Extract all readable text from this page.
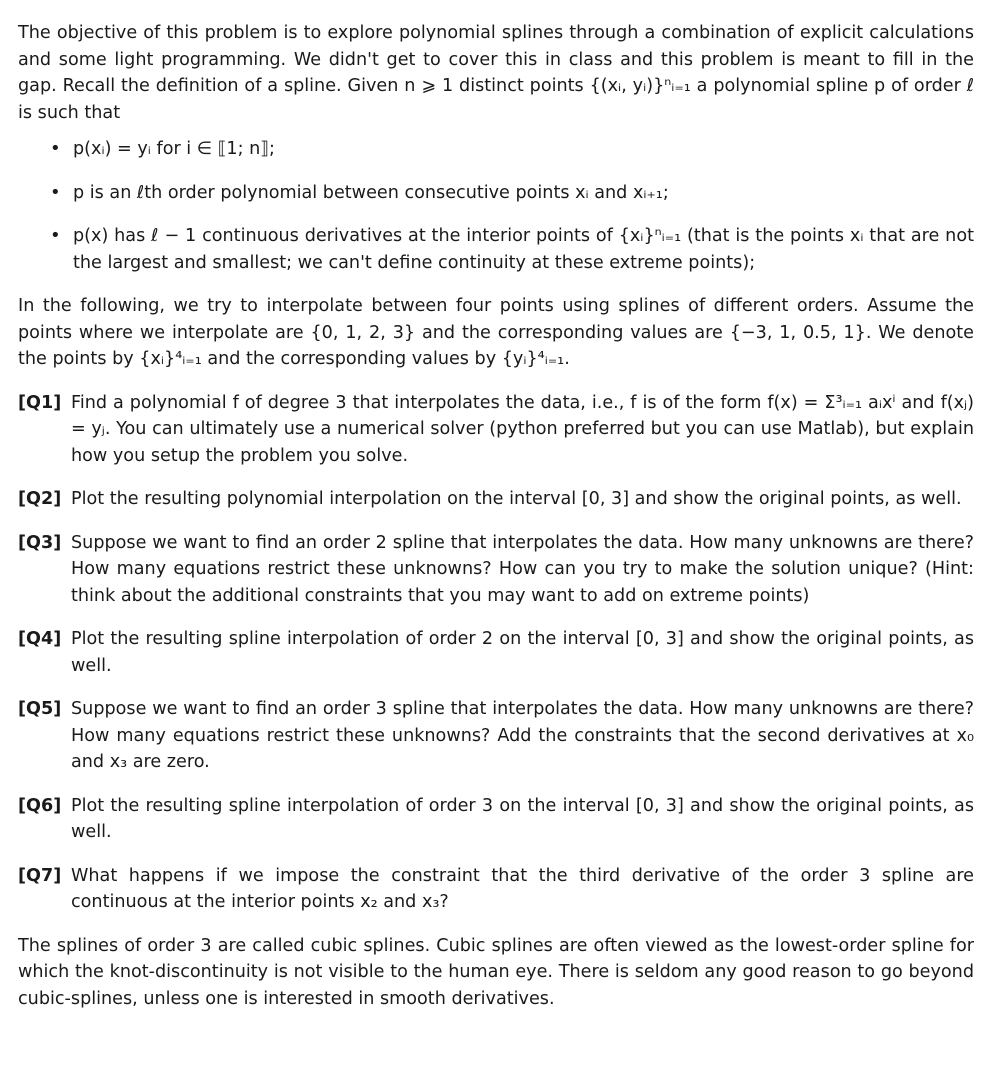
The objective of this problem is to explore polynomial splines through a combination of explicit calculations and some light programming. We didn't get to cover this in class and this problem is meant to fill in the gap. Recall the definition of a spline. Given n ⩾ 1 distinct points {(xᵢ, yᵢ)}ⁿᵢ₌₁ a polynomial spline p of order ℓ is such that

• p(xᵢ) = yᵢ for i ∈ ⟦1; n⟧;
• p is an ℓth order polynomial between consecutive points xᵢ and xᵢ₊₁;
• p(x) has ℓ − 1 continuous derivatives at the interior points of {xᵢ}ⁿᵢ₌₁ (that is the points xᵢ that are not the largest and smallest; we can't define continuity at these extreme points);

In the following, we try to interpolate between four points using splines of different orders. Assume the points where we interpolate are {0, 1, 2, 3} and the corresponding values are {−3, 1, 0.5, 1}. We denote the points by {xᵢ}⁴ᵢ₌₁ and the corresponding values by {yᵢ}⁴ᵢ₌₁.

[Q1] Find a polynomial f of degree 3 that interpolates the data, i.e., f is of the form f(x) = Σ³ᵢ₌₁ aᵢxⁱ and f(xⱼ) = yⱼ. You can ultimately use a numerical solver (python preferred but you can use Matlab), but explain how you setup the problem you solve.
[Q2] Plot the resulting polynomial interpolation on the interval [0, 3] and show the original points, as well.
[Q3] Suppose we want to find an order 2 spline that interpolates the data. How many unknowns are there? How many equations restrict these unknowns? How can you try to make the solution unique? (Hint: think about the additional constraints that you may want to add on extreme points)
[Q4] Plot the resulting spline interpolation of order 2 on the interval [0, 3] and show the original points, as well.
[Q5] Suppose we want to find an order 3 spline that interpolates the data. How many unknowns are there? How many equations restrict these unknowns? Add the constraints that the second derivatives at x₀ and x₃ are zero.
[Q6] Plot the resulting spline interpolation of order 3 on the interval [0, 3] and show the original points, as well.
[Q7] What happens if we impose the constraint that the third derivative of the order 3 spline are continuous at the interior points x₂ and x₃?

The splines of order 3 are called cubic splines. Cubic splines are often viewed as the lowest-order spline for which the knot-discontinuity is not visible to the human eye. There is seldom any good reason to go beyond cubic-splines, unless one is interested in smooth derivatives.
